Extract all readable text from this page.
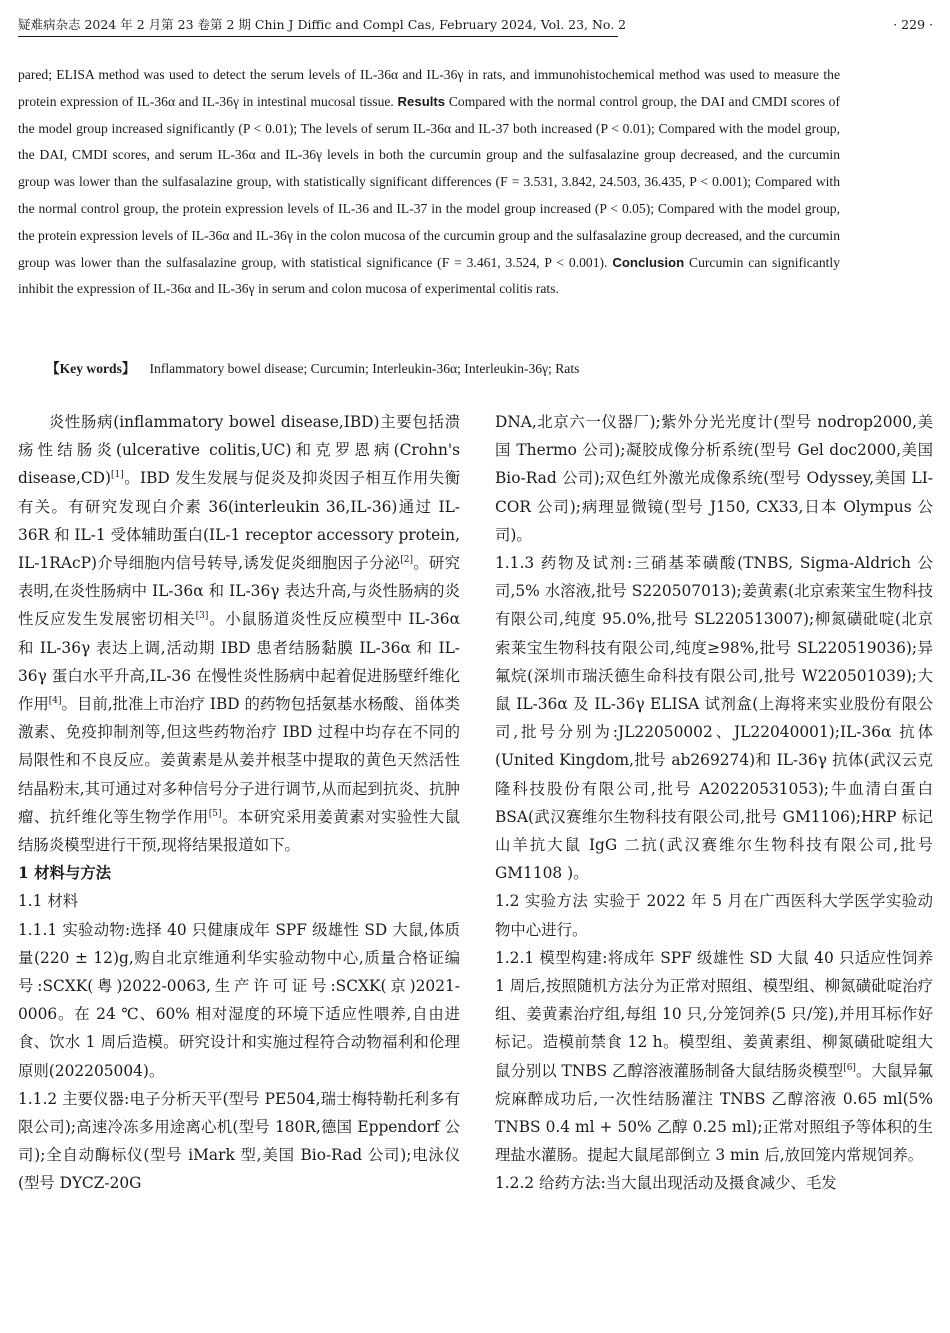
疑难病杂志 2024 年 2 月第 23 卷第 2 期 Chin J Diffic and Compl Cas, February 2024, Vol. 23, No. 2	· 229 ·
pared; ELISA method was used to detect the serum levels of IL-36α and IL-36γ in rats, and immunohistochemical method was used to measure the protein expression of IL-36α and IL-36γ in intestinal mucosal tissue. Results Compared with the normal control group, the DAI and CMDI scores of the model group increased significantly (P < 0.01); The levels of serum IL-36α and IL-37 both increased (P < 0.01); Compared with the model group, the DAI, CMDI scores, and serum IL-36α and IL-36γ levels in both the curcumin group and the sulfasalazine group decreased, and the curcumin group was lower than the sulfasalazine group, with statistically significant differences (F = 3.531, 3.842, 24.503, 36.435, P < 0.001); Compared with the normal control group, the protein expression levels of IL-36 and IL-37 in the model group increased (P < 0.05); Compared with the model group, the protein expression levels of IL-36α and IL-36γ in the colon mucosa of the curcumin group and the sulfasalazine group decreased, and the curcumin group was lower than the sulfasalazine group, with statistical significance (F = 3.461, 3.524, P < 0.001). Conclusion Curcumin can significantly inhibit the expression of IL-36α and IL-36γ in serum and colon mucosa of experimental colitis rats.
【Key words】 Inflammatory bowel disease; Curcumin; Interleukin-36α; Interleukin-36γ; Rats

炎性肠病(inflammatory bowel disease,IBD)主要包括溃疡性结肠炎(ulcerative colitis,UC)和克罗恩病(Crohn's disease,CD)[1]。IBD 发生发展与促炎及抑炎因子相互作用失衡有关。有研究发现白介素 36(interleukin 36,IL-36)通过 IL-36R 和 IL-1 受体辅助蛋白(IL-1 receptor accessory protein, IL-1RAcP)介导细胞内信号转导,诱发促炎细胞因子分泌[2]。研究表明,在炎性肠病中 IL-36α 和 IL-36γ 表达升高,与炎性肠病的炎性反应发生发展密切相关[3]。小鼠肠道炎性反应模型中 IL-36α 和 IL-36γ 表达上调,活动期 IBD 患者结肠黏膜 IL-36α 和 IL-36γ 蛋白水平升高,IL-36 在慢性炎性肠病中起着促进肠壁纤维化作用[4]。目前,批准上市治疗 IBD 的药物包括氨基水杨酸、甾体类激素、免疫抑制剂等,但这些药物治疗 IBD 过程中均存在不同的局限性和不良反应。姜黄素是从姜并根茎中提取的黄色天然活性结晶粉末,其可通过对多种信号分子进行调节,从而起到抗炎、抗肿瘤、抗纤维化等生物学作用[5]。本研究采用姜黄素对实验性大鼠结肠炎模型进行干预,现将结果报道如下。

1 材料与方法

1.1 材料

1.1.1 实验动物:选择 40 只健康成年 SPF 级雄性 SD 大鼠,体质量(220 ± 12)g,购自北京维通利华实验动物中心,质量合格证编号:SCXK(粤)2022-0063,生产许可证号:SCXK(京)2021-0006。在 24 ℃、60% 相对湿度的环境下适应性喂养,自由进食、饮水 1 周后造模。研究设计和实施过程符合动物福利和伦理原则(202205004)。

1.1.2 主要仪器:电子分析天平(型号 PE504,瑞士梅特勒托利多有限公司);高速冷冻多用途离心机(型号 180R,德国 Eppendorf 公司);全自动酶标仪(型号 iMark 型,美国 Bio-Rad 公司);电泳仪(型号 DYCZ-20G

DNA,北京六一仪器厂);紫外分光光度计(型号 nodrop2000,美国 Thermo 公司);凝胶成像分析系统(型号 Gel doc2000,美国 Bio-Rad 公司);双色红外激光成像系统(型号 Odyssey,美国 LI-COR 公司);病理显微镜(型号 J150, CX33,日本 Olympus 公司)。

1.1.3 药物及试剂:三硝基苯磺酸(TNBS, Sigma-Aldrich 公司,5% 水溶液,批号 S220507013);姜黄素(北京索莱宝生物科技有限公司,纯度 95.0%,批号 SL220513007);柳氮磺砒啶(北京索莱宝生物科技有限公司,纯度≥98%,批号 SL220519036);异氟烷(深圳市瑞沃德生命科技有限公司,批号 W220501039);大鼠 IL-36α 及 IL-36γ ELISA 试剂盒(上海将来实业股份有限公司,批号分别为:JL22050002、JL22040001);IL-36α 抗体(United Kingdom,批号 ab269274)和 IL-36γ 抗体(武汉云克隆科技股份有限公司,批号 A20220531053);牛血清白蛋白 BSA(武汉赛维尔生物科技有限公司,批号 GM1106);HRP 标记山羊抗大鼠 IgG 二抗(武汉赛维尔生物科技有限公司,批号 GM1108 )。

1.2 实验方法 实验于 2022 年 5 月在广西医科大学医学实验动物中心进行。

1.2.1 模型构建:将成年 SPF 级雄性 SD 大鼠 40 只适应性饲养 1 周后,按照随机方法分为正常对照组、模型组、柳氮磺砒啶治疗组、姜黄素治疗组,每组 10 只,分笼饲养(5 只/笼),并用耳标作好标记。造模前禁食 12 h。模型组、姜黄素组、柳氮磺砒啶组大鼠分别以 TNBS 乙醇溶液灌肠制备大鼠结肠炎模型[6]。大鼠异氟烷麻醉成功后,一次性结肠灌注 TNBS 乙醇溶液 0.65 ml(5% TNBS 0.4 ml + 50% 乙醇 0.25 ml);正常对照组予等体积的生理盐水灌肠。提起大鼠尾部倒立 3 min 后,放回笼内常规饲养。

1.2.2 给药方法:当大鼠出现活动及摄食减少、毛发
